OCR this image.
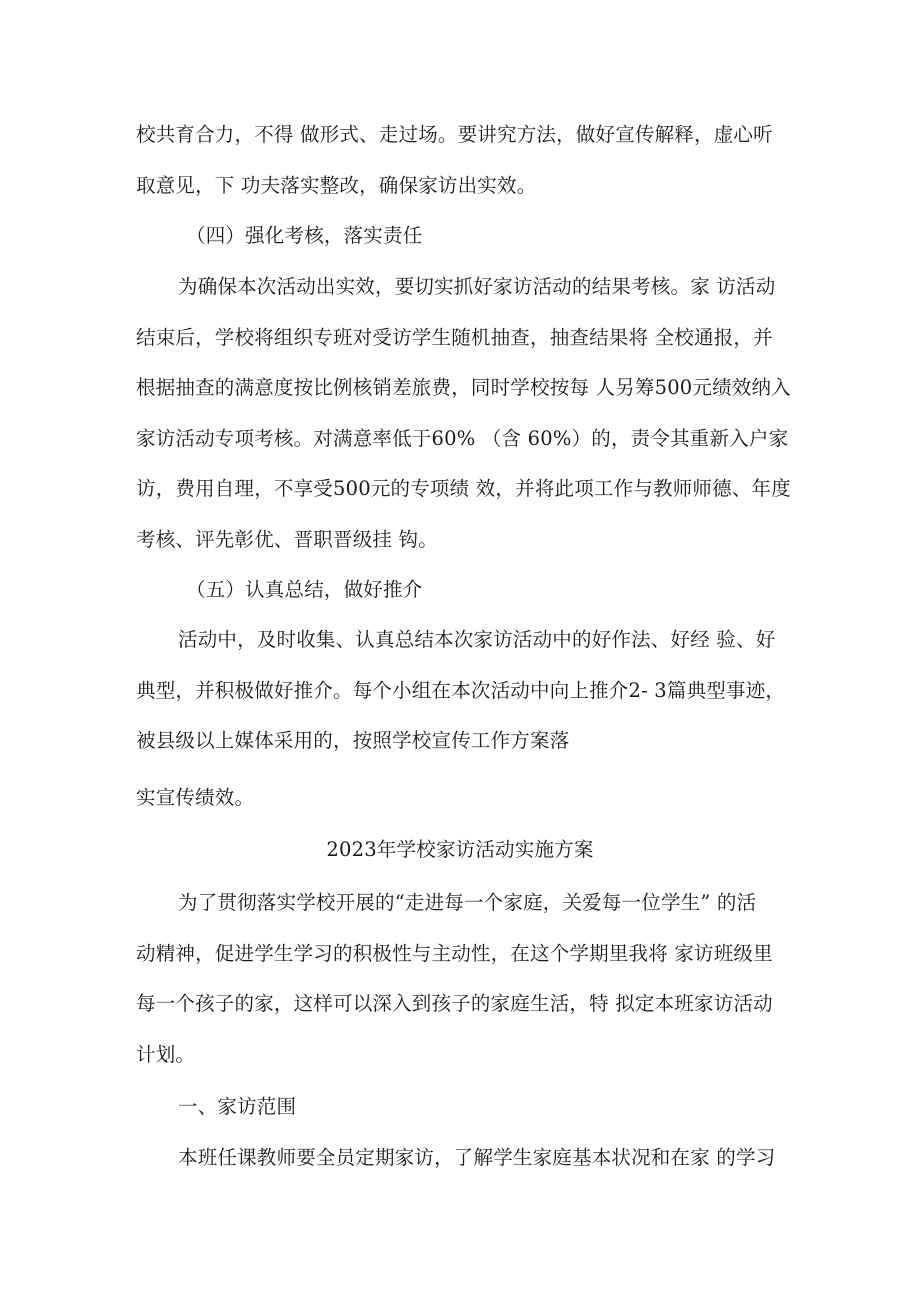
校共育合力，不得 做形式、走过场。要讲究方法，做好宣传解释，虚心听
取意见，下 功夫落实整改，确保家访出实效。
（四）强化考核，落实责任
为确保本次活动出实效，要切实抓好家访活动的结果考核。家 访活动
结束后，学校将组织专班对受访学生随机抽查，抽查结果将 全校通报，并
根据抽查的满意度按比例核销差旅费，同时学校按每 人另筹500元绩效纳入
家访活动专项考核。对满意率低于60% （含 60%）的，责令其重新入户家
访，费用自理，不享受500元的专项绩 效，并将此项工作与教师师德、年度
考核、评先彰优、晋职晋级挂 钩。
（五）认真总结，做好推介
活动中，及时收集、认真总结本次家访活动中的好作法、好经 验、好
典型，并积极做好推介。每个小组在本次活动中向上推介2- 3篇典型事迹，
被县级以上媒体采用的，按照学校宣传工作方案落
实宣传绩效。
2023年学校家访活动实施方案
为了贯彻落实学校开展的“走进每一个家庭，关爱每一位学生” 的活
动精神，促进学生学习的积极性与主动性，在这个学期里我将 家访班级里
每一个孩子的家，这样可以深入到孩子的家庭生活，特 拟定本班家访活动
计划。
一、家访范围
本班任课教师要全员定期家访，了解学生家庭基本状况和在家 的学习
